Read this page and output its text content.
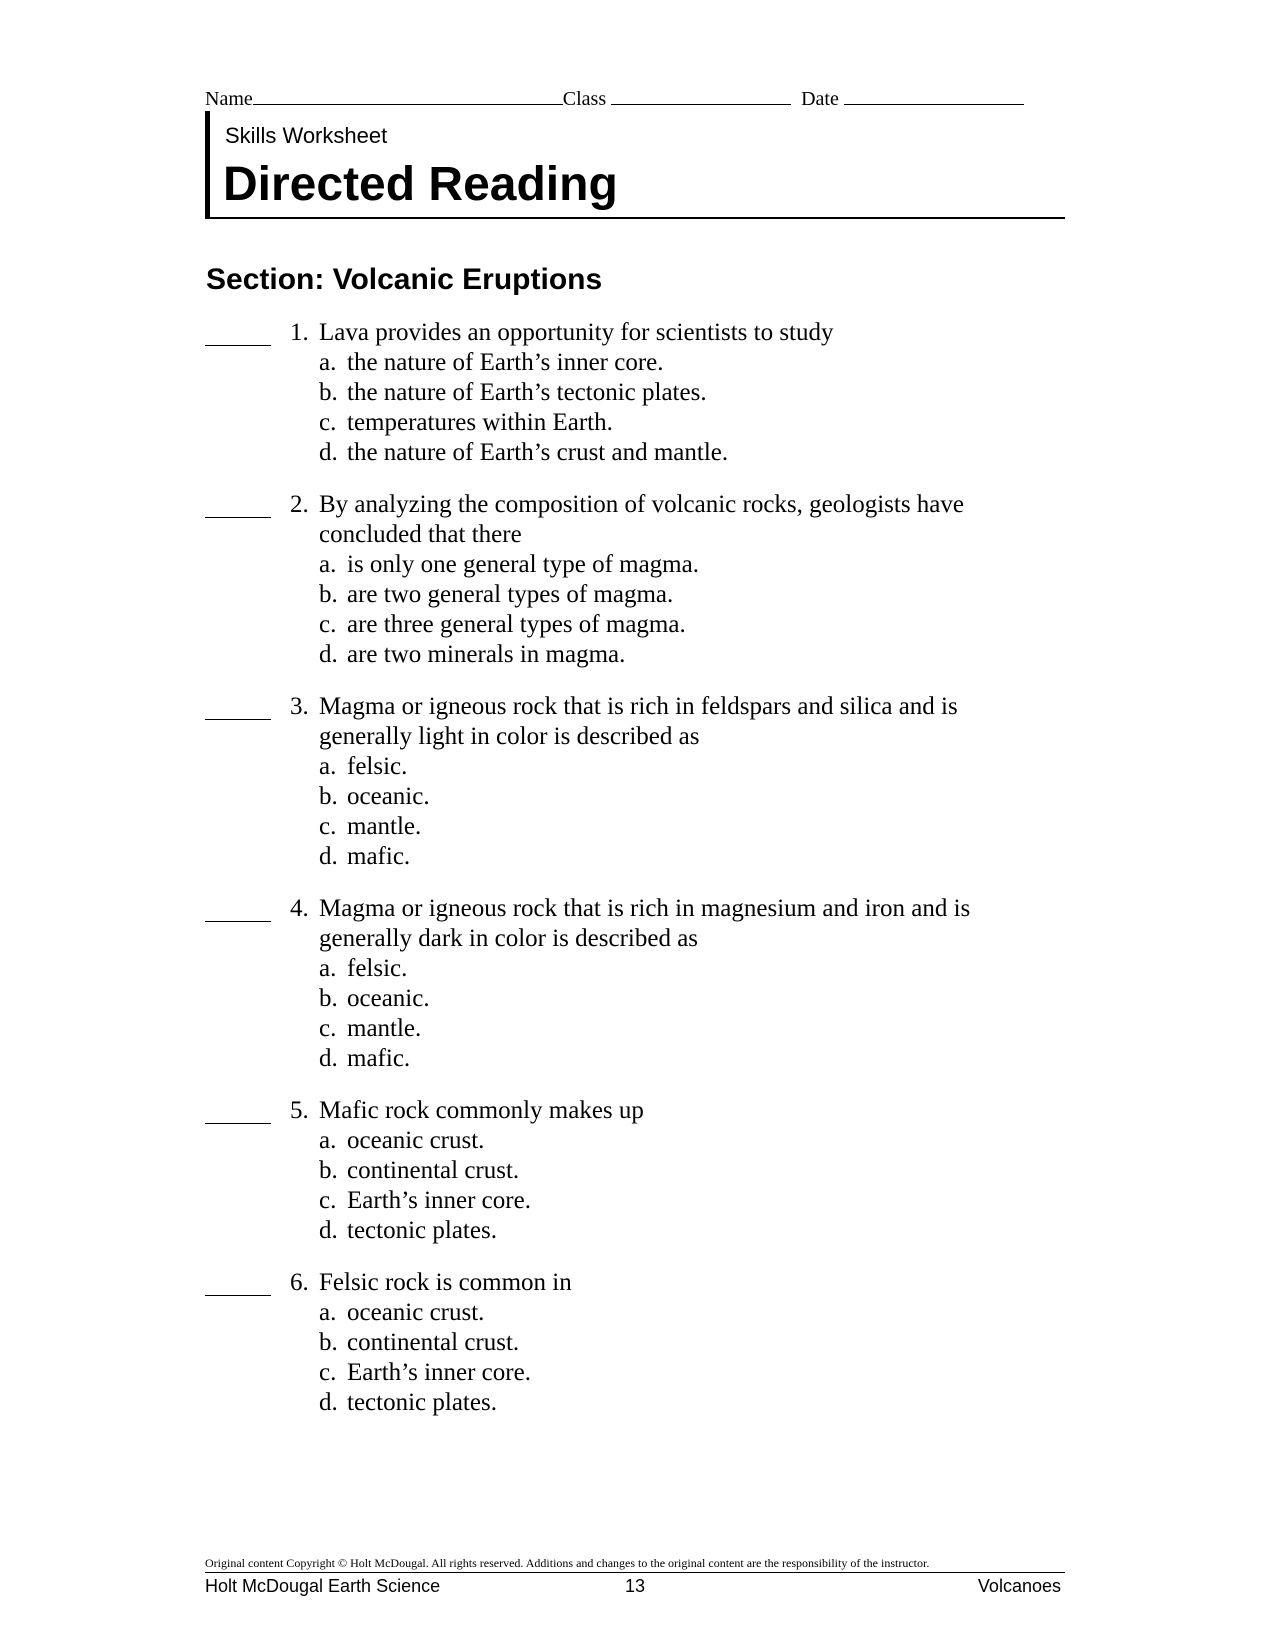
Name	Class	Date
Skills Worksheet
Directed Reading
Section: Volcanic Eruptions
1. Lava provides an opportunity for scientists to study
a. the nature of Earth’s inner core.
b. the nature of Earth’s tectonic plates.
c. temperatures within Earth.
d. the nature of Earth’s crust and mantle.
2. By analyzing the composition of volcanic rocks, geologists have concluded that there
a. is only one general type of magma.
b. are two general types of magma.
c. are three general types of magma.
d. are two minerals in magma.
3. Magma or igneous rock that is rich in feldspars and silica and is generally light in color is described as
a. felsic.
b. oceanic.
c. mantle.
d. mafic.
4. Magma or igneous rock that is rich in magnesium and iron and is generally dark in color is described as
a. felsic.
b. oceanic.
c. mantle.
d. mafic.
5. Mafic rock commonly makes up
a. oceanic crust.
b. continental crust.
c. Earth’s inner core.
d. tectonic plates.
6. Felsic rock is common in
a. oceanic crust.
b. continental crust.
c. Earth’s inner core.
d. tectonic plates.
Original content Copyright © Holt McDougal. All rights reserved. Additions and changes to the original content are the responsibility of the instructor.
Holt McDougal Earth Science	13	Volcanoes
